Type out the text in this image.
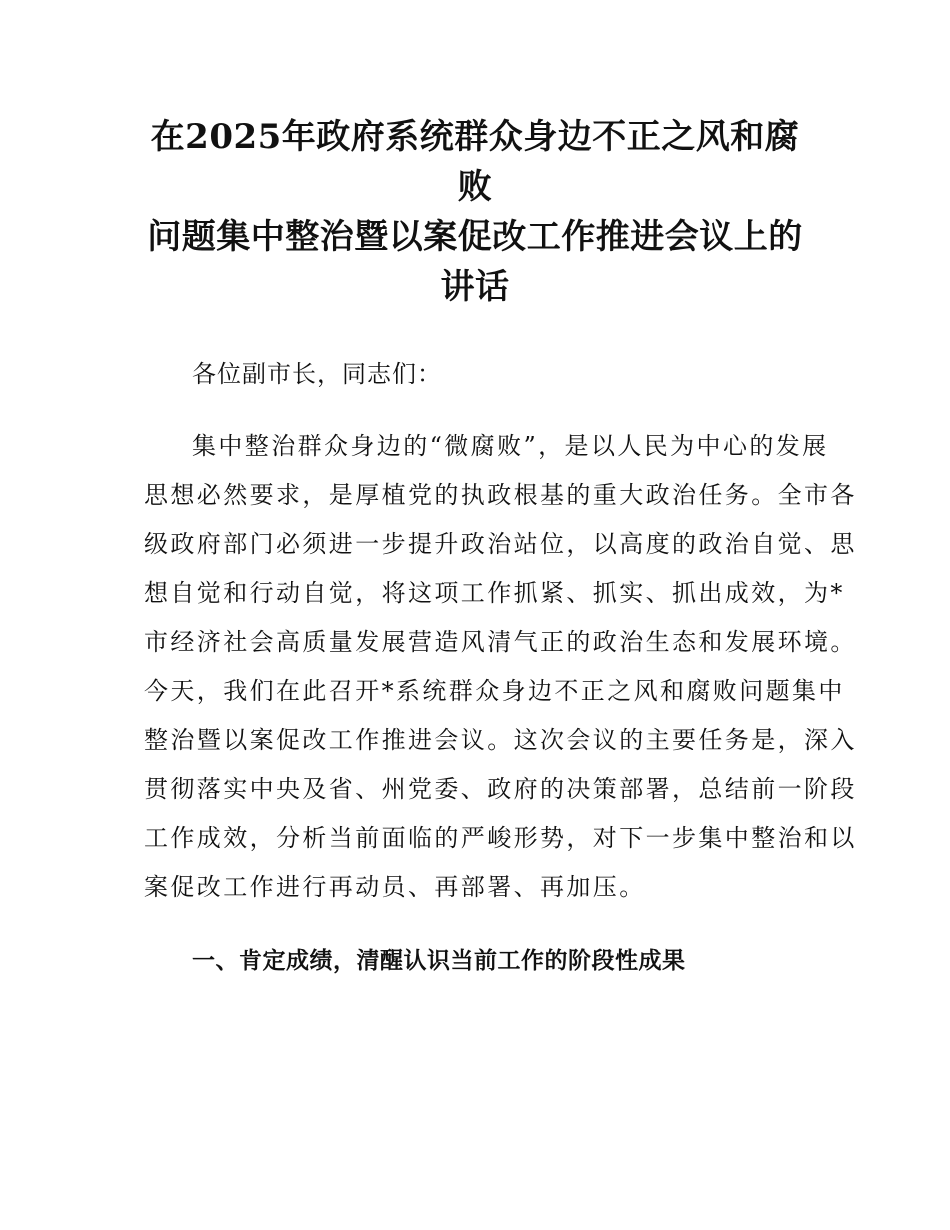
在2025年政府系统群众身边不正之风和腐败
问题集中整治暨以案促改工作推进会议上的
讲话

各位副市长，同志们：

集中整治群众身边的“微腐败”，是以人民为中心的发展
思想必然要求，是厚植党的执政根基的重大政治任务。全市各
级政府部门必须进一步提升政治站位，以高度的政治自觉、思
想自觉和行动自觉，将这项工作抓紧、抓实、抓出成效，为*
市经济社会高质量发展营造风清气正的政治生态和发展环境。
今天，我们在此召开*系统群众身边不正之风和腐败问题集中
整治暨以案促改工作推进会议。这次会议的主要任务是，深入
贯彻落实中央及省、州党委、政府的决策部署，总结前一阶段
工作成效，分析当前面临的严峻形势，对下一步集中整治和以
案促改工作进行再动员、再部署、再加压。

一、肯定成绩，清醒认识当前工作的阶段性成果
